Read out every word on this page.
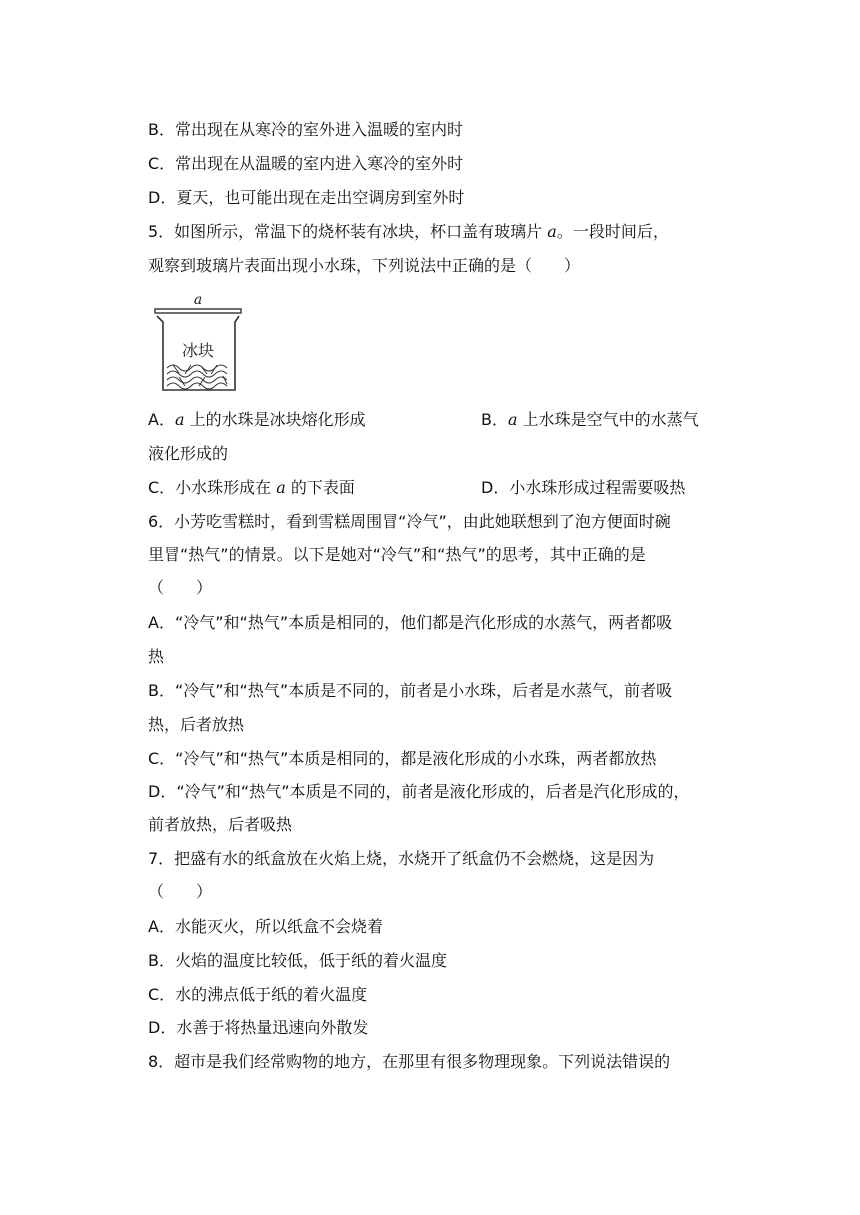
B．常出现在从寒冷的室外进入温暖的室内时
C．常出现在从温暖的室内进入寒冷的室外时
D．夏天，也可能出现在走出空调房到室外时
5．如图所示，常温下的烧杯装有冰块，杯口盖有玻璃片 a。一段时间后，
观察到玻璃片表面出现小水珠，下列说法中正确的是（　　）
a
冰块
A．a 上的水珠是冰块熔化形成	B．a 上水珠是空气中的水蒸气
液化形成的
C．小水珠形成在 a 的下表面	D．小水珠形成过程需要吸热
6．小芳吃雪糕时，看到雪糕周围冒“冷气”，由此她联想到了泡方便面时碗
里冒“热气”的情景。以下是她对“冷气”和“热气”的思考，其中正确的是
（　　）
A．“冷气”和“热气”本质是相同的，他们都是汽化形成的水蒸气，两者都吸
热
B．“冷气”和“热气”本质是不同的，前者是小水珠，后者是水蒸气，前者吸
热，后者放热
C．“冷气”和“热气”本质是相同的，都是液化形成的小水珠，两者都放热
D．“冷气”和“热气”本质是不同的，前者是液化形成的，后者是汽化形成的，
前者放热，后者吸热
7．把盛有水的纸盒放在火焰上烧，水烧开了纸盒仍不会燃烧，这是因为
（　　）
A．水能灭火，所以纸盒不会烧着
B．火焰的温度比较低，低于纸的着火温度
C．水的沸点低于纸的着火温度
D．水善于将热量迅速向外散发
8．超市是我们经常购物的地方，在那里有很多物理现象。下列说法错误的
